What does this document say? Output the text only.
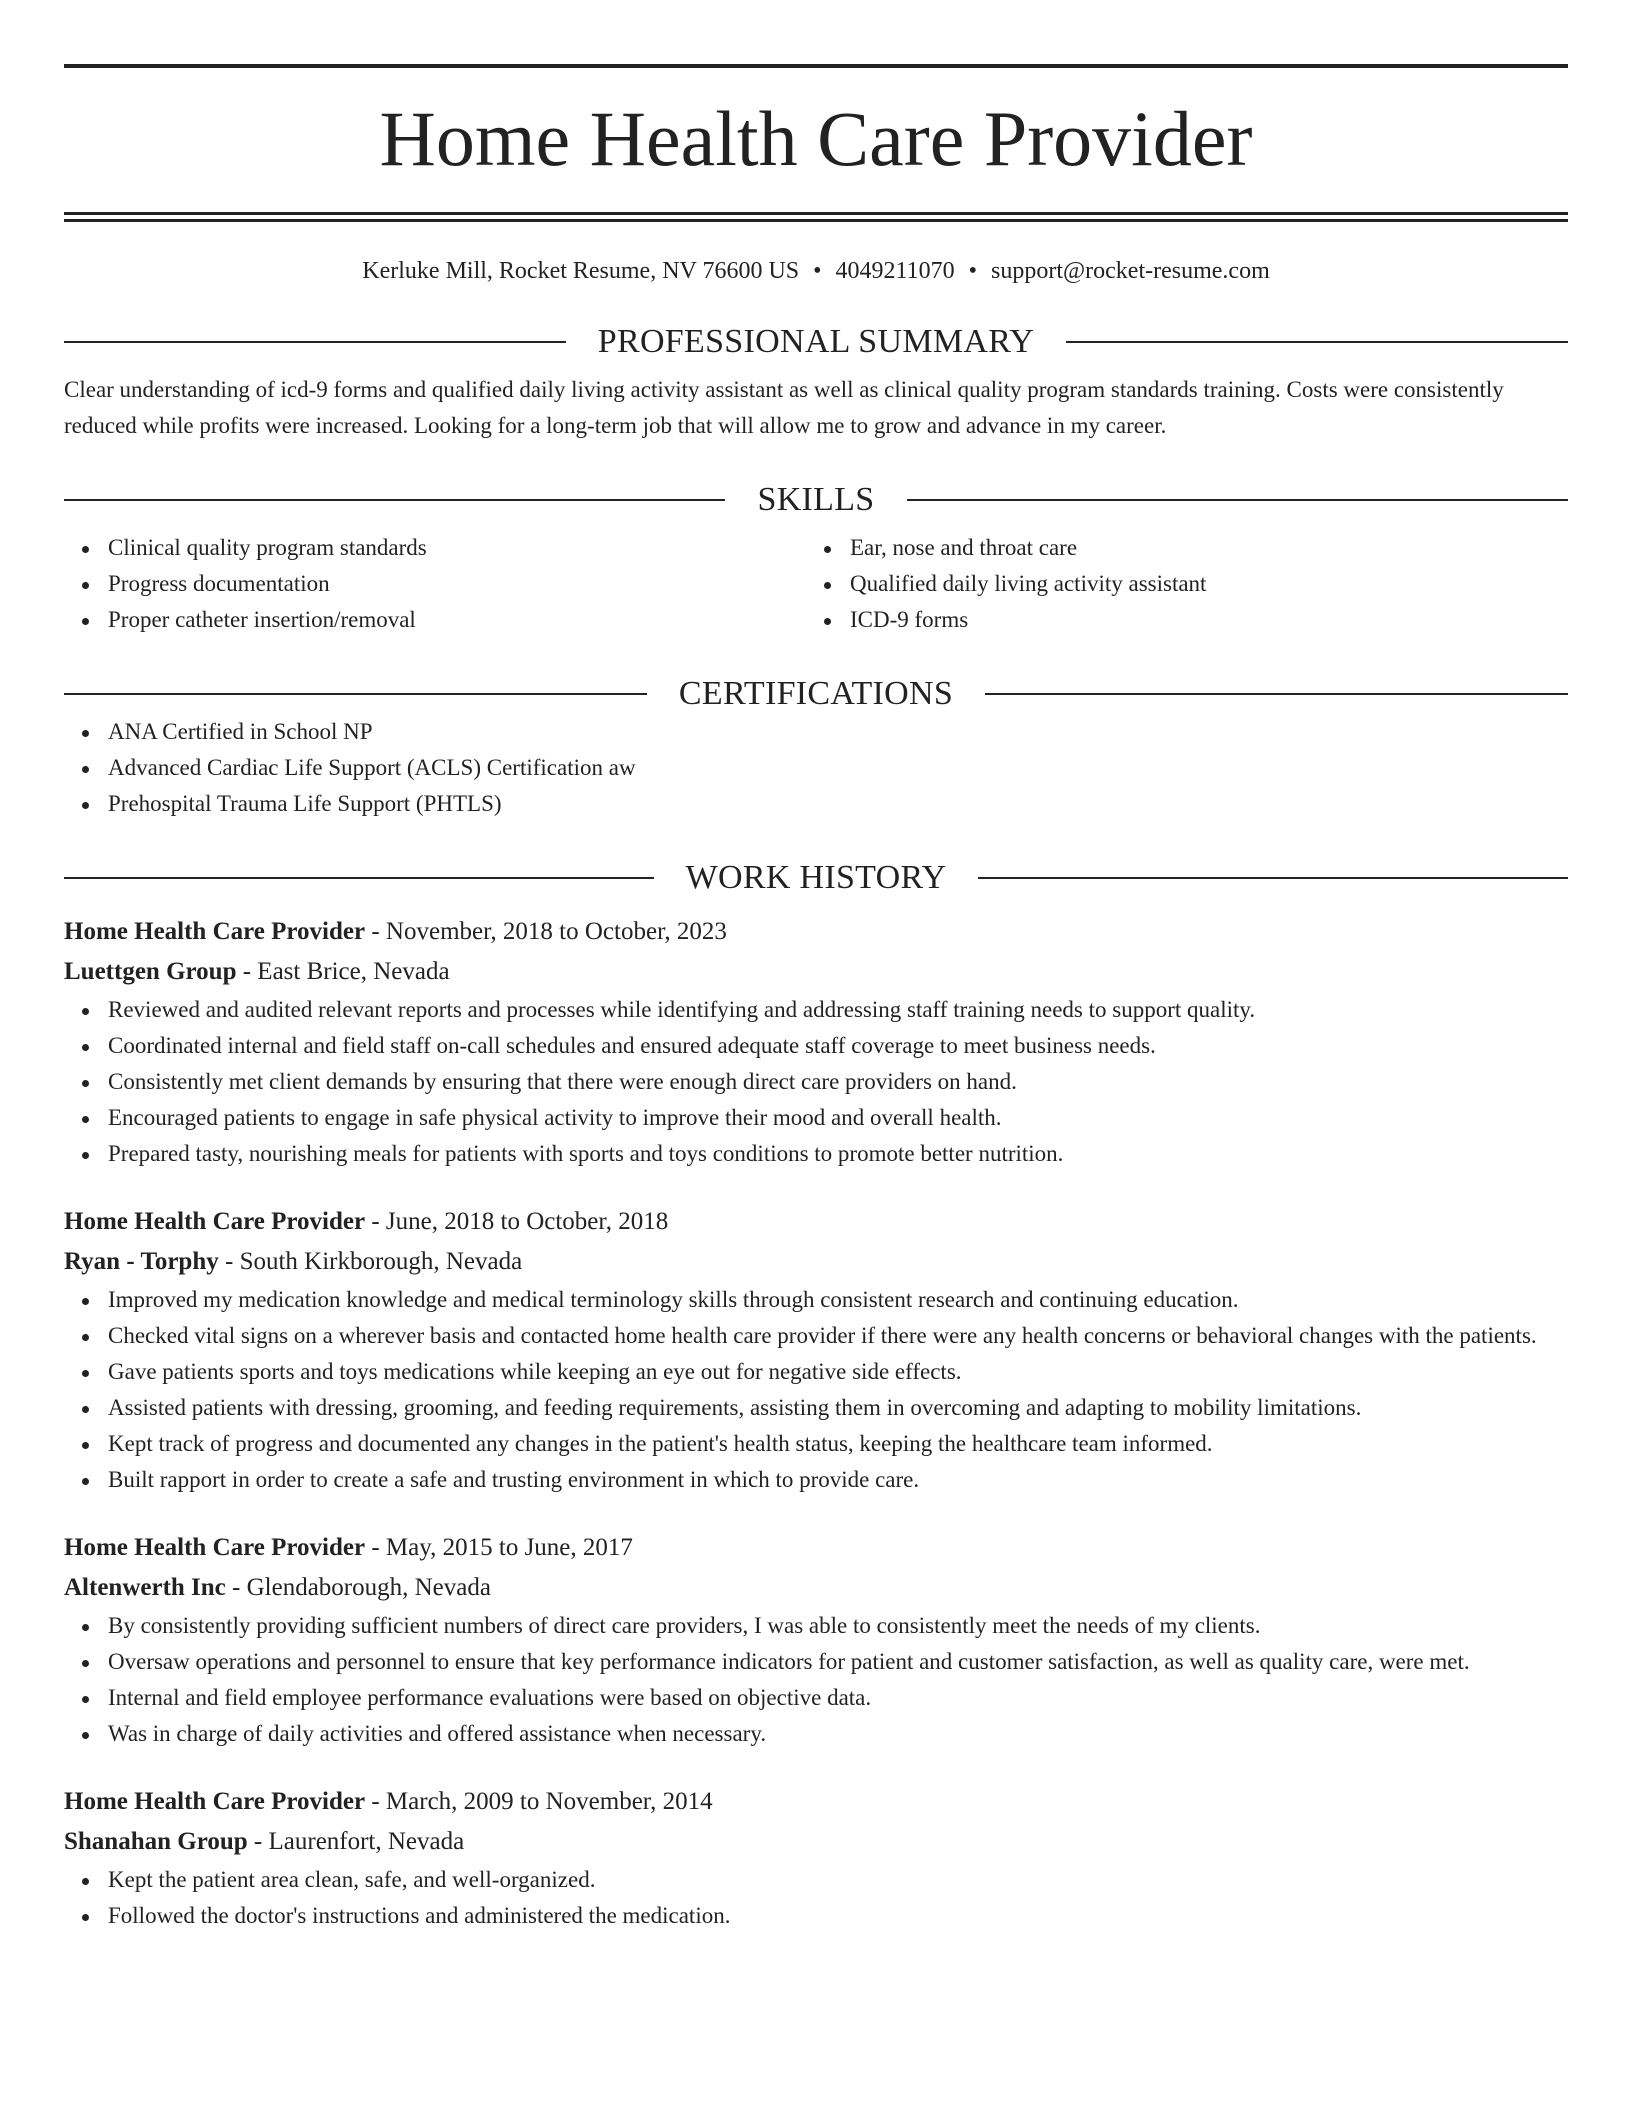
Home Health Care Provider
Kerluke Mill, Rocket Resume, NV 76600 US • 4049211070 • support@rocket-resume.com
PROFESSIONAL SUMMARY
Clear understanding of icd-9 forms and qualified daily living activity assistant as well as clinical quality program standards training. Costs were consistently reduced while profits were increased. Looking for a long-term job that will allow me to grow and advance in my career.
SKILLS
Clinical quality program standards
Progress documentation
Proper catheter insertion/removal
Ear, nose and throat care
Qualified daily living activity assistant
ICD-9 forms
CERTIFICATIONS
ANA Certified in School NP
Advanced Cardiac Life Support (ACLS) Certification aw
Prehospital Trauma Life Support (PHTLS)
WORK HISTORY
Home Health Care Provider - November, 2018 to October, 2023
Luettgen Group - East Brice, Nevada
Reviewed and audited relevant reports and processes while identifying and addressing staff training needs to support quality.
Coordinated internal and field staff on-call schedules and ensured adequate staff coverage to meet business needs.
Consistently met client demands by ensuring that there were enough direct care providers on hand.
Encouraged patients to engage in safe physical activity to improve their mood and overall health.
Prepared tasty, nourishing meals for patients with sports and toys conditions to promote better nutrition.
Home Health Care Provider - June, 2018 to October, 2018
Ryan - Torphy - South Kirkborough, Nevada
Improved my medication knowledge and medical terminology skills through consistent research and continuing education.
Checked vital signs on a wherever basis and contacted home health care provider if there were any health concerns or behavioral changes with the patients.
Gave patients sports and toys medications while keeping an eye out for negative side effects.
Assisted patients with dressing, grooming, and feeding requirements, assisting them in overcoming and adapting to mobility limitations.
Kept track of progress and documented any changes in the patient's health status, keeping the healthcare team informed.
Built rapport in order to create a safe and trusting environment in which to provide care.
Home Health Care Provider - May, 2015 to June, 2017
Altenwerth Inc - Glendaborough, Nevada
By consistently providing sufficient numbers of direct care providers, I was able to consistently meet the needs of my clients.
Oversaw operations and personnel to ensure that key performance indicators for patient and customer satisfaction, as well as quality care, were met.
Internal and field employee performance evaluations were based on objective data.
Was in charge of daily activities and offered assistance when necessary.
Home Health Care Provider - March, 2009 to November, 2014
Shanahan Group - Laurenfort, Nevada
Kept the patient area clean, safe, and well-organized.
Followed the doctor's instructions and administered the medication.
